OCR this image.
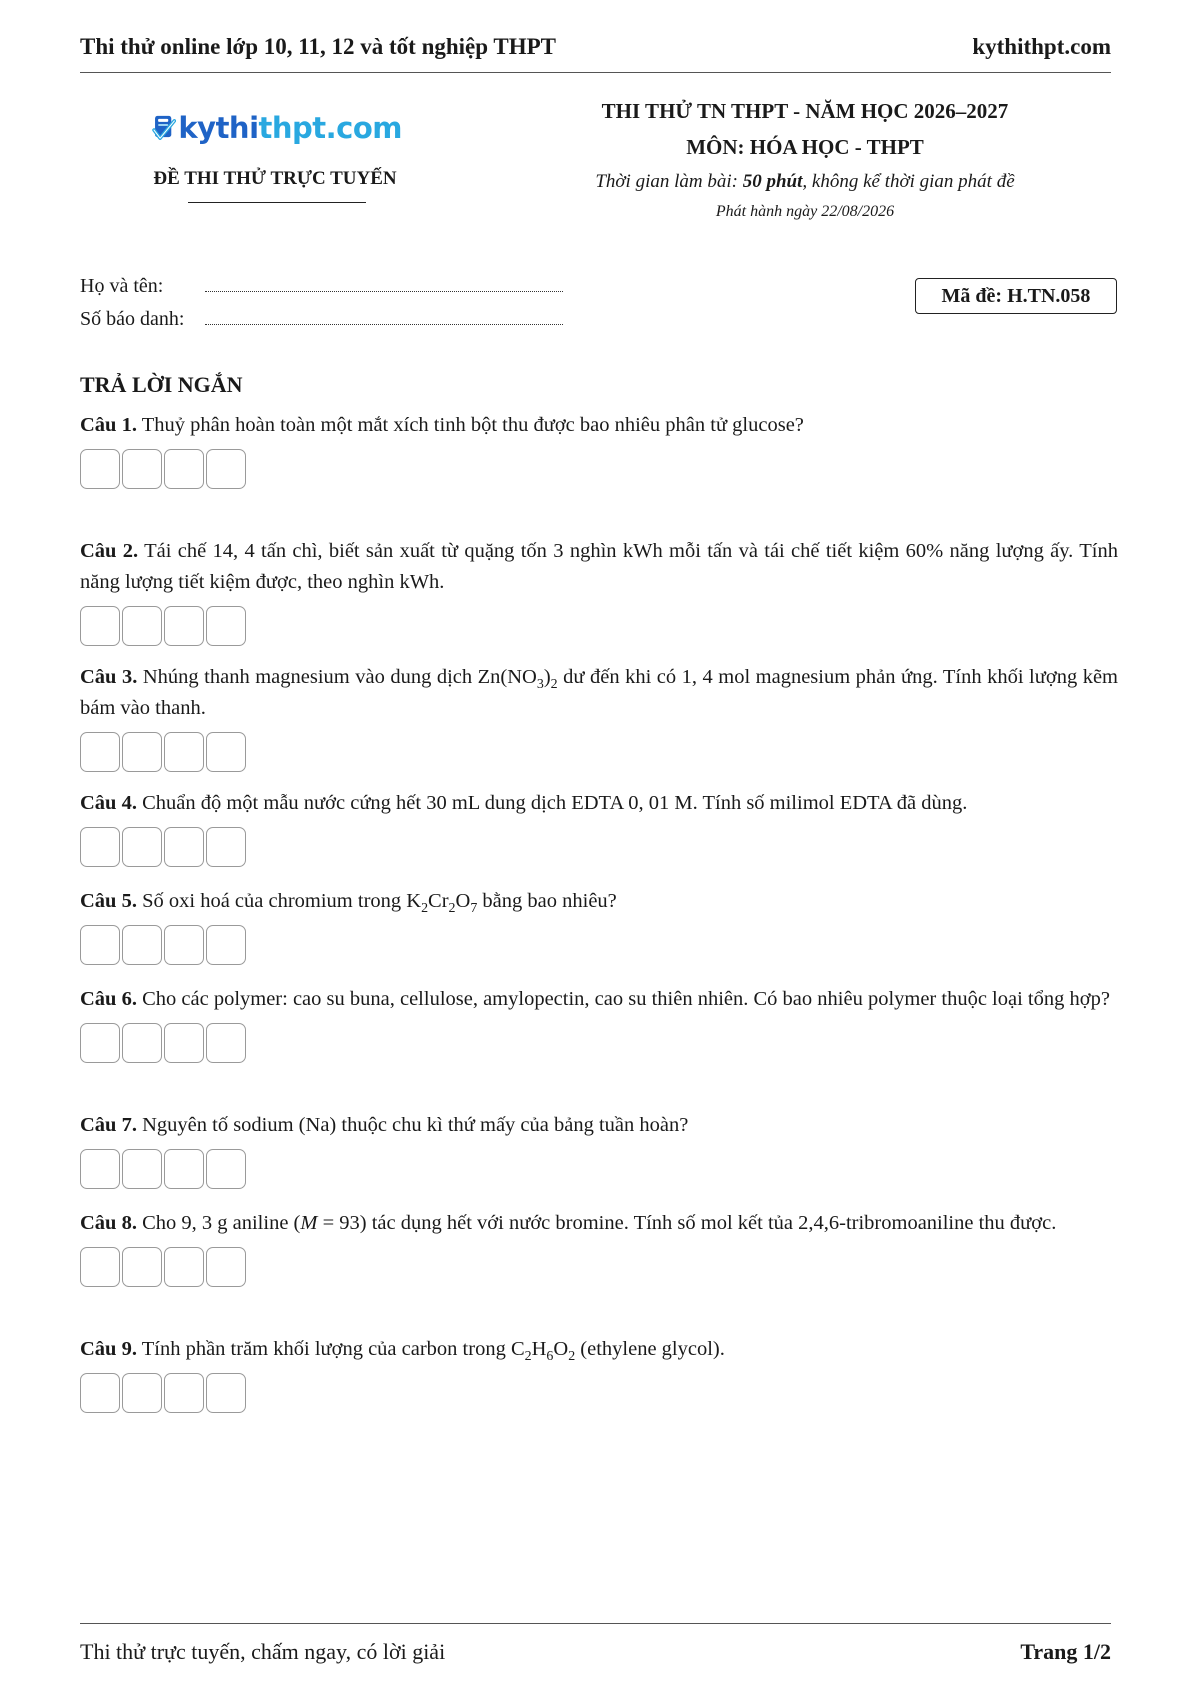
Thi thử online lớp 10, 11, 12 và tốt nghiệp THPT	kythithpt.com
kythithpt.com
ĐỀ THI THỬ TRỰC TUYẾN
THI THỬ TN THPT - NĂM HỌC 2026–2027
MÔN: HÓA HỌC - THPT
Thời gian làm bài: 50 phút, không kể thời gian phát đề
Phát hành ngày 22/08/2026
Họ và tên:
Số báo danh:
Mã đề: H.TN.058
TRẢ LỜI NGẮN
Câu 1. Thuỷ phân hoàn toàn một mắt xích tinh bột thu được bao nhiêu phân tử glucose?
Câu 2. Tái chế 14, 4 tấn chì, biết sản xuất từ quặng tốn 3 nghìn kWh mỗi tấn và tái chế tiết kiệm 60% năng lượng ấy. Tính năng lượng tiết kiệm được, theo nghìn kWh.
Câu 3. Nhúng thanh magnesium vào dung dịch $Zn(NO_3)_2$ dư đến khi có 1, 4 mol magnesium phản ứng. Tính khối lượng kẽm bám vào thanh.
Câu 4. Chuẩn độ một mẫu nước cứng hết 30 mL dung dịch EDTA 0, 01 M. Tính số milimol EDTA đã dùng.
Câu 5. Số oxi hoá của chromium trong $K_2Cr_2O_7$ bằng bao nhiêu?
Câu 6. Cho các polymer: cao su buna, cellulose, amylopectin, cao su thiên nhiên. Có bao nhiêu polymer thuộc loại tổng hợp?
Câu 7. Nguyên tố sodium (Na) thuộc chu kì thứ mấy của bảng tuần hoàn?
Câu 8. Cho 9, 3 g aniline (M = 93) tác dụng hết với nước bromine. Tính số mol kết tủa 2,4,6-tribromoaniline thu được.
Câu 9. Tính phần trăm khối lượng của carbon trong $C_2H_6O_2$ (ethylene glycol).
Thi thử trực tuyến, chấm ngay, có lời giải	Trang 1/2
